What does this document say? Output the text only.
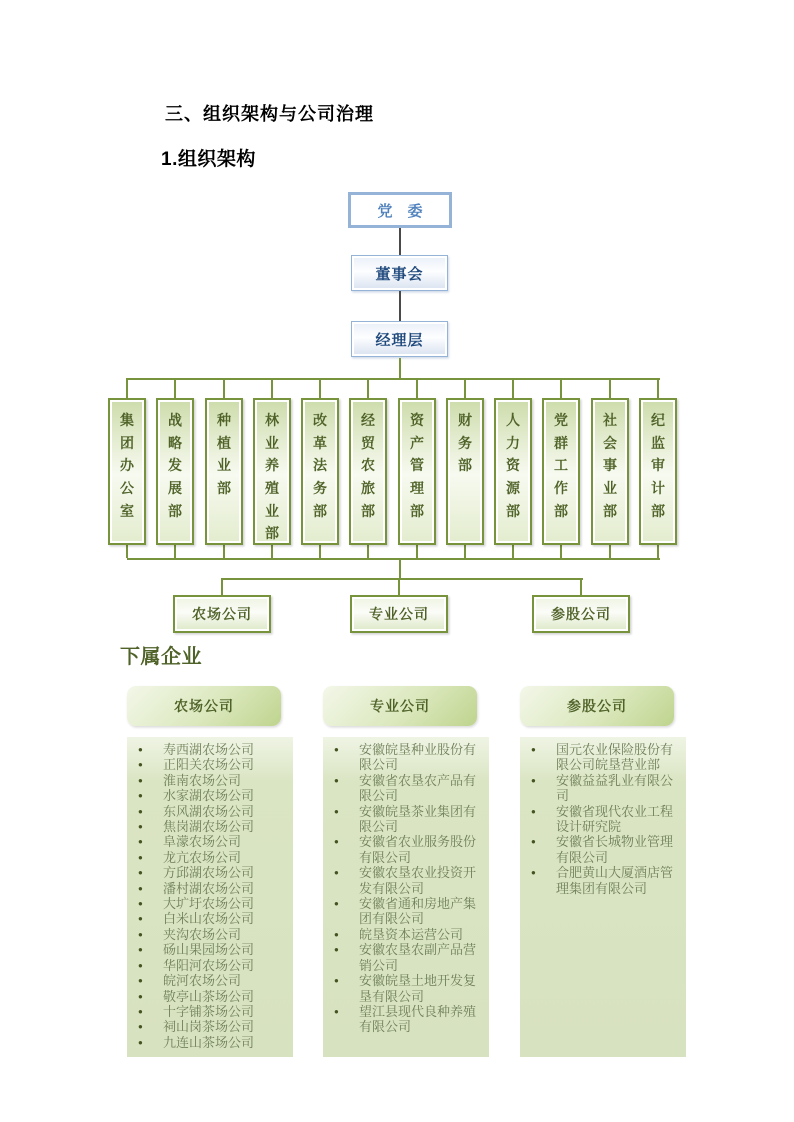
三、组织架构与公司治理
1.组织架构
党　委
董事会
经理层
集
团
办
公
室
战
略
发
展
部
种
植
业
部
林
业
养
殖
业
部
改
革
法
务
部
经
贸
农
旅
部
资
产
管
理
部
财
务
部
人
力
资
源
部
党
群
工
作
部
社
会
事
业
部
纪
监
审
计
部
农场公司	专业公司	参股公司
下属企业
农场公司
●	寿西湖农场公司
●	正阳关农场公司
●	淮南农场公司
●	水家湖农场公司
●	东风湖农场公司
●	焦岗湖农场公司
●	阜濛农场公司
●	龙亢农场公司
●	方邱湖农场公司
●	潘村湖农场公司
●	大圹圩农场公司
●	白米山农场公司
●	夹沟农场公司
●	砀山果园场公司
●	华阳河农场公司
●	皖河农场公司
●	敬亭山茶场公司
●	十字铺茶场公司
●	祠山岗茶场公司
●	九连山茶场公司
专业公司
●	安徽皖垦种业股份有限公司
●	安徽省农垦农产品有限公司
●	安徽皖垦茶业集团有限公司
●	安徽省农业服务股份有限公司
●	安徽农垦农业投资开发有限公司
●	安徽省通和房地产集团有限公司
●	皖垦资本运营公司
●	安徽农垦农副产品营销公司
●	安徽皖垦土地开发复垦有限公司
●	望江县现代良种养殖有限公司
参股公司
●	国元农业保险股份有限公司皖垦营业部
●	安徽益益乳业有限公司
●	安徽省现代农业工程设计研究院
●	安徽省长城物业管理有限公司
●	合肥黄山大厦酒店管理集团有限公司
